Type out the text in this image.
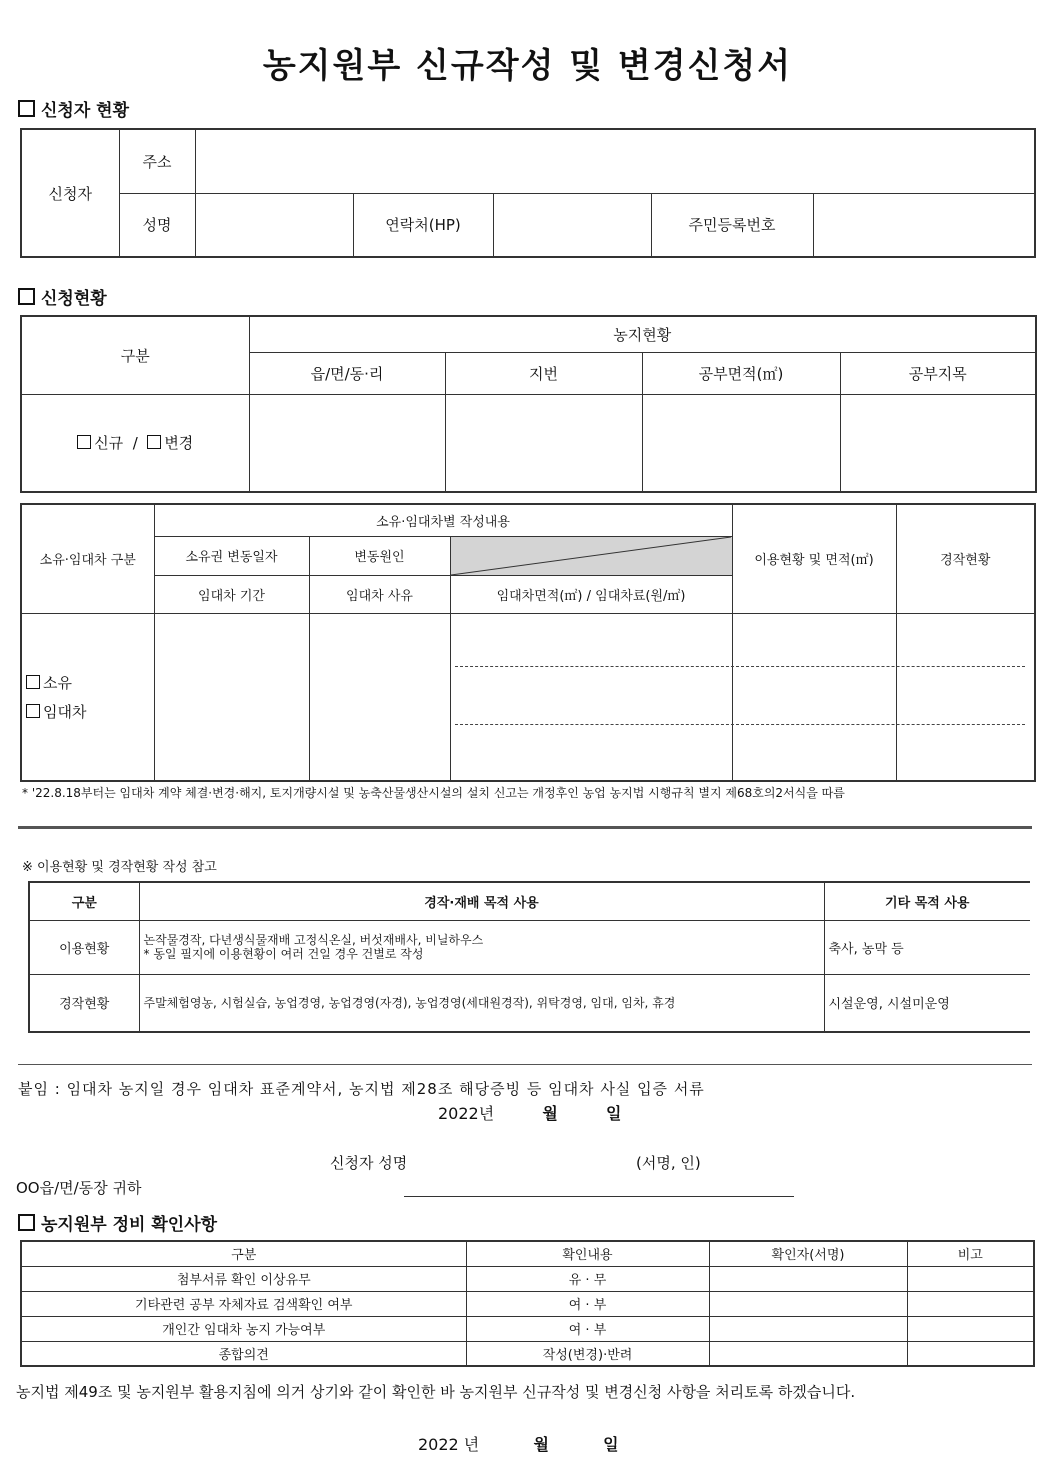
농지원부 신규작성 및 변경신청서
신청자 현황
신청자	주소					
	성명		연락처(HP)		주민등록번호	
신청현황
구분	농지현황			
	읍/면/동·리	지번	공부면적(㎡)	공부지목
신규  /  변경				
소유·임대차 구분	소유·임대차별 작성내용			이용현황 및 면적(㎡)	경작현황
	소유권 변동일자	변동원인	

	임대차 기간	임대차 사유	임대차면적(㎡) / 임대차료(원/㎡)		

소유
임대차					

* '22.8.18부터는 임대차 계약 체결·변경·해지, 토지개량시설 및 농축산물생산시설의 설치 신고는 개정후인 농업 농지법 시행규칙 별지 제68호의2서식을 따름
※ 이용현황 및 경작현황 작성 참고
구분	경작·재배 목적 사용	기타 목적 사용
이용현황	논작물경작, 다년생식물재배 고정식온실, 버섯재배사, 비닐하우스
* 동일 필지에 이용현황이 여러 건일 경우 건별로 작성	축사, 농막 등
경작현황	주말체험영농, 시험실습, 농업경영, 농업경영(자경), 농업경영(세대원경작), 위탁경영, 임대, 임차, 휴경	시설운영, 시설미운영
붙임 : 임대차 농지일 경우 임대차 표준계약서, 농지법 제28조 해당증빙 등 임대차 사실 입증 서류
2022년	월	일
신청자 성명	(서명, 인)
OO읍/면/동장 귀하
농지원부 정비 확인사항
구분	확인내용	확인자(서명)	비고
첨부서류 확인 이상유무	유 · 무		
기타관련 공부 자체자료 검색확인 여부	여 · 부		
개인간 임대차 농지 가능여부	여 · 부		
종합의견	작성(변경)·반려		
농지법 제49조 및 농지원부 활용지침에 의거 상기와 같이 확인한 바 농지원부 신규작성 및 변경신청 사항을 처리토록 하겠습니다.
2022 년	월	일
